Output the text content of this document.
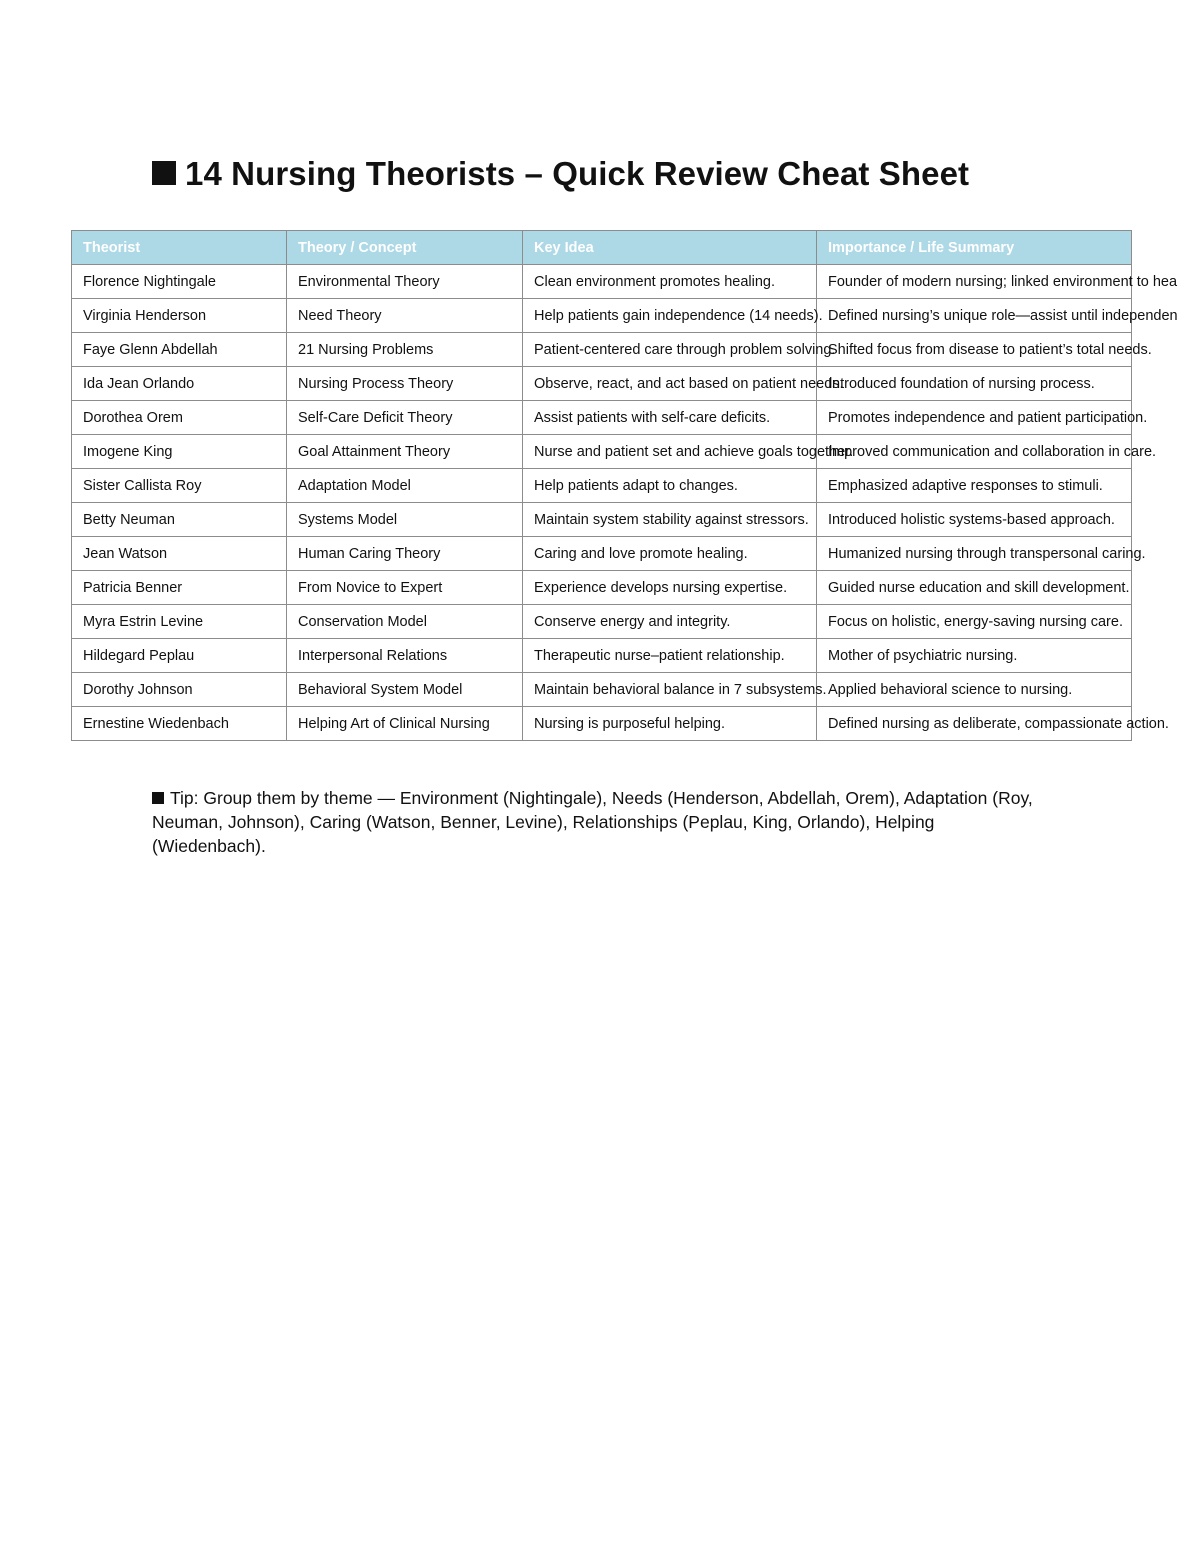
14 Nursing Theorists – Quick Review Cheat Sheet
Theorist	Theory / Concept	Key Idea	Importance / Life Summary
Florence Nightingale	Environmental Theory	Clean environment promotes healing.	Founder of modern nursing; linked environment to hea
Virginia Henderson	Need Theory	Help patients gain independence (14 needs).	Defined nursing’s unique role—assist until independen
Faye Glenn Abdellah	21 Nursing Problems	Patient-centered care through problem solving.	Shifted focus from disease to patient’s total needs.
Ida Jean Orlando	Nursing Process Theory	Observe, react, and act based on patient needs.	Introduced foundation of nursing process.
Dorothea Orem	Self-Care Deficit Theory	Assist patients with self-care deficits.	Promotes independence and patient participation.
Imogene King	Goal Attainment Theory	Nurse and patient set and achieve goals together.	Improved communication and collaboration in care.
Sister Callista Roy	Adaptation Model	Help patients adapt to changes.	Emphasized adaptive responses to stimuli.
Betty Neuman	Systems Model	Maintain system stability against stressors.	Introduced holistic systems-based approach.
Jean Watson	Human Caring Theory	Caring and love promote healing.	Humanized nursing through transpersonal caring.
Patricia Benner	From Novice to Expert	Experience develops nursing expertise.	Guided nurse education and skill development.
Myra Estrin Levine	Conservation Model	Conserve energy and integrity.	Focus on holistic, energy-saving nursing care.
Hildegard Peplau	Interpersonal Relations	Therapeutic nurse–patient relationship.	Mother of psychiatric nursing.
Dorothy Johnson	Behavioral System Model	Maintain behavioral balance in 7 subsystems.	Applied behavioral science to nursing.
Ernestine Wiedenbach	Helping Art of Clinical Nursing	Nursing is purposeful helping.	Defined nursing as deliberate, compassionate action.

Tip: Group them by theme — Environment (Nightingale), Needs (Henderson, Abdellah, Orem), Adaptation (Roy, Neuman, Johnson), Caring (Watson, Benner, Levine), Relationships (Peplau, King, Orlando), Helping (Wiedenbach).
